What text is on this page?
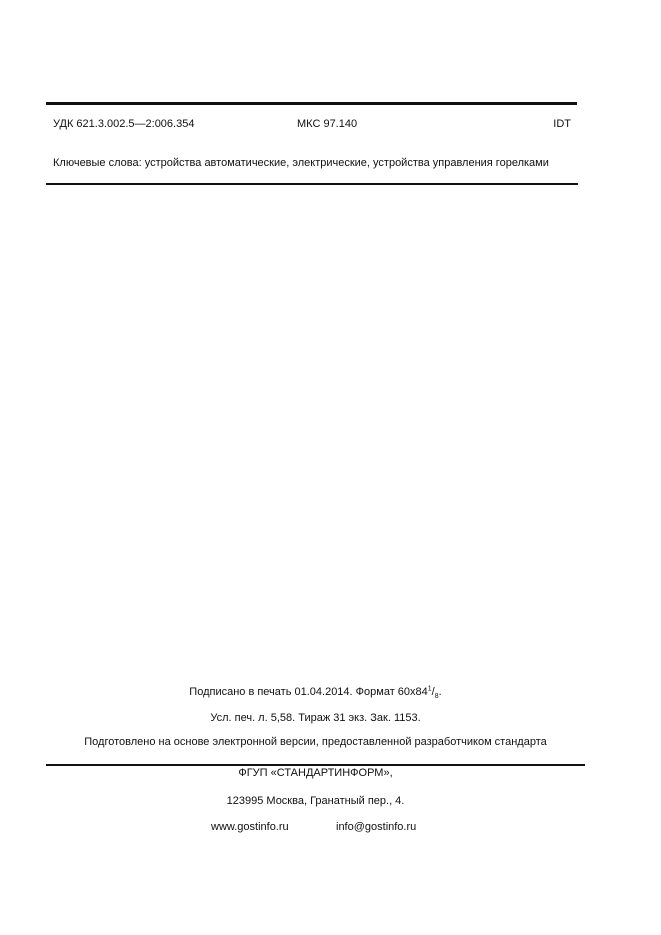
УДК 621.3.002.5—2:006.354	МКС 97.140	IDT
Ключевые слова: устройства автоматические, электрические, устройства управления горелками
Подписано в печать 01.04.2014. Формат $60x84^1/_8$.
Усл. печ. л. 5,58. Тираж 31 экз. Зак. 1153.
Подготовлено на основе электронной версии, предоставленной разработчиком стандарта
ФГУП «СТАНДАРТИНФОРМ»,
123995 Москва, Гранатный пер., 4.
www.gostinfo.ru	info@gostinfo.ru
